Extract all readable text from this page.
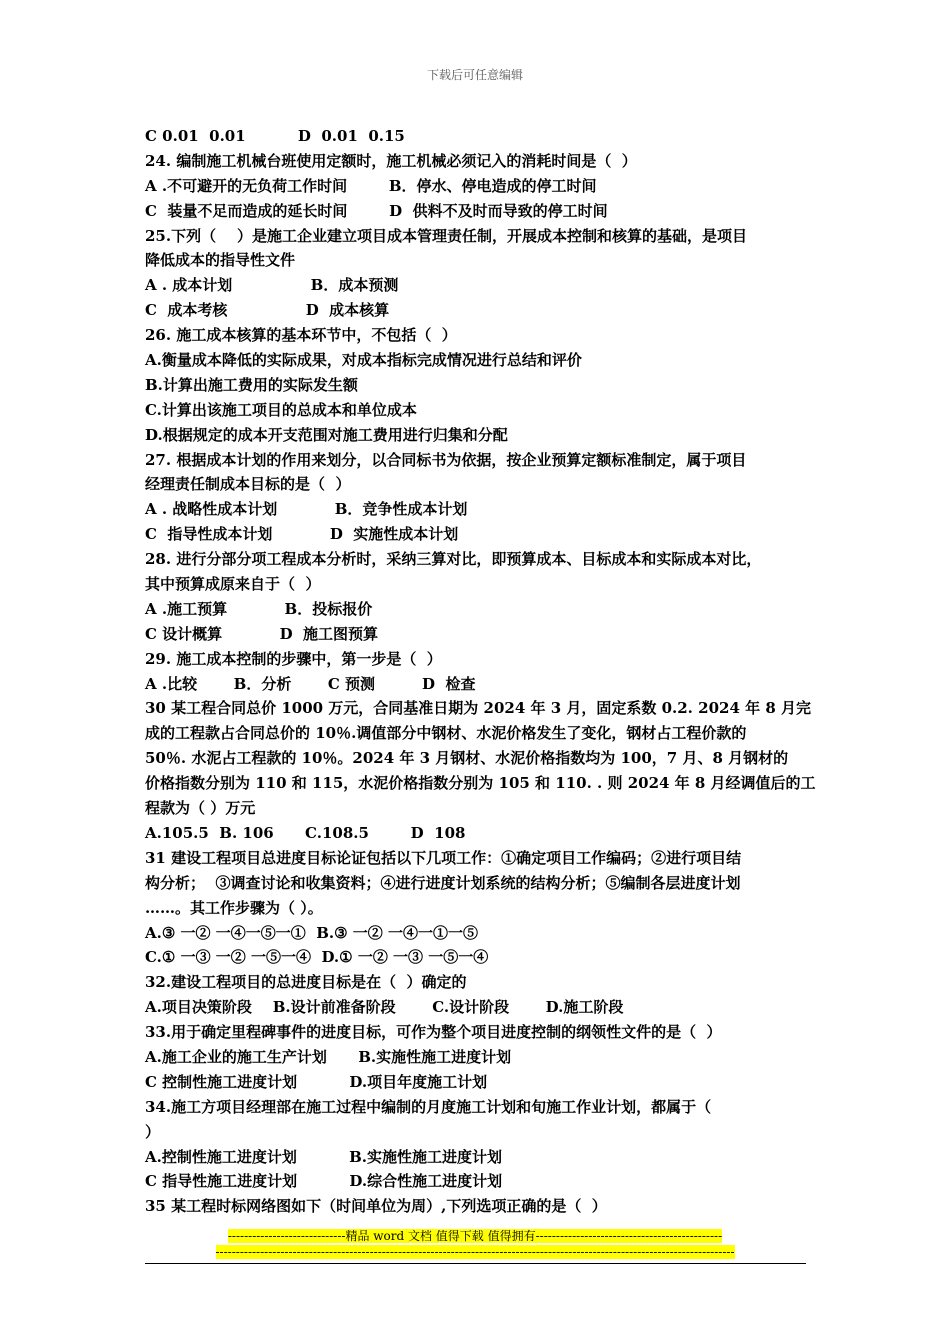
下载后可任意编辑
C 0.01  0.01          D  0.01  0.15
24. 编制施工机械台班使用定额时，施工机械必须记入的消耗时间是（  ）
A .不可避开的无负荷工作时间        B．停水、停电造成的停工时间
C  装量不足而造成的延长时间        D  供料不及时而导致的停工时间
25.下列（    ）是施工企业建立项目成本管理责任制，开展成本控制和核算的基础，是项目
降低成本的指导性文件
A . 成本计划               B．成本预测
C  成本考核               D  成本核算
26. 施工成本核算的基本环节中，不包括（  ）
A.衡量成本降低的实际成果，对成本指标完成情况进行总结和评价
B.计算出施工费用的实际发生额
C.计算出该施工项目的总成本和单位成本
D.根据规定的成本开支范围对施工费用进行归集和分配
27. 根据成本计划的作用来划分，以合同标书为依据，按企业预算定额标准制定，属于项目
经理责任制成本目标的是（  ）
A . 战略性成本计划           B．竞争性成本计划
C  指导性成本计划           D  实施性成本计划
28. 进行分部分项工程成本分析时，采纳三算对比，即预算成本、目标成本和实际成本对比，
其中预算成原来自于（  ）
A .施工预算           B．投标报价
C 设计概算           D  施工图预算
29. 施工成本控制的步骤中，第一步是（  ）
A .比较       B．分析       C 预测         D  检查
30 某工程合同总价 1000 万元，合同基准日期为 2024 年 3 月，固定系数 0.2. 2024 年 8 月完
成的工程款占合同总价的 10％.调值部分中钢材、水泥价格发生了变化，钢材占工程价款的
50％. 水泥占工程款的 10％。2024 年 3 月钢材、水泥价格指数均为 100，7 月、8 月钢材的
价格指数分别为 110 和 115，水泥价格指数分别为 105 和 110. . 则 2024 年 8 月经调值后的工
程款为（ ）万元
A.105.5  B. 106      C.108.5        D  108
31 建设工程项目总进度目标论证包括以下几项工作：①确定项目工作编码；②进行项目结
构分析；  ③调查讨论和收集资料；④进行进度计划系统的结构分析；⑤编制各层进度计划
……。其工作步骤为（ ）。
A.③ 一② 一④一⑤一①  B.③ 一② 一④一①一⑤
C.① 一③ 一② 一⑤一④  D.① 一② 一③ 一⑤一④
32.建设工程项目的总进度目标是在（  ）确定的
A.项目决策阶段    B.设计前准备阶段       C.设计阶段       D.施工阶段
33.用于确定里程碑事件的进度目标，可作为整个项目进度控制的纲领性文件的是（  ）
A.施工企业的施工生产计划      B.实施性施工进度计划
C 控制性施工进度计划          D.项目年度施工计划
34.施工方项目经理部在施工过程中编制的月度施工计划和旬施工作业计划，都属于（
）
A.控制性施工进度计划          B.实施性施工进度计划
C 指导性施工进度计划          D.综合性施工进度计划
35 某工程时标网络图如下（时间单位为周）,下列选项正确的是（  ）
-----------------------------精品 word 文档 值得下载 值得拥有----------------------------------------------
--------------------------------------------------------------------------------------------------------------------------------
